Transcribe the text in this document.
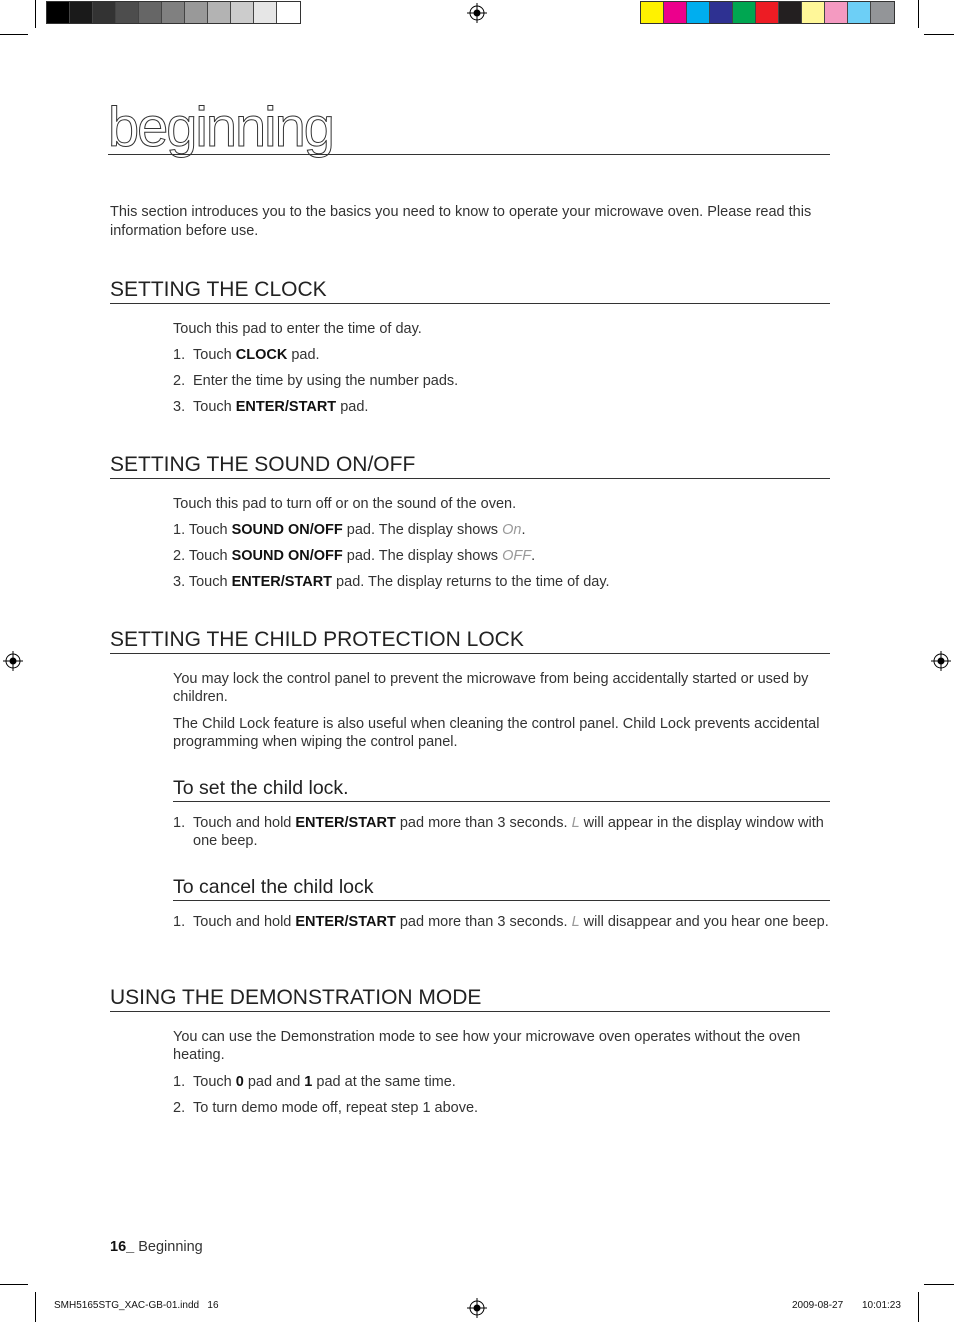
beginning
This section introduces you to the basics you need to know to operate your microwave oven. Please read this information before use.
SETTING THE CLOCK
Touch this pad to enter the time of day.
1. Touch CLOCK pad.
2. Enter the time by using the number pads.
3. Touch ENTER/START pad.
SETTING THE SOUND ON/OFF
Touch this pad to turn off or on the sound of the oven.
1. Touch SOUND ON/OFF pad. The display shows On.
2. Touch SOUND ON/OFF pad. The display shows OFF.
3. Touch ENTER/START pad. The display returns to the time of day.
SETTING THE CHILD PROTECTION LOCK
You may lock the control panel to prevent the microwave from being accidentally started or used by children.
The Child Lock feature is also useful when cleaning the control panel. Child Lock prevents accidental programming when wiping the control panel.
To set the child lock.
1. Touch and hold ENTER/START pad more than 3 seconds. L will appear in the display window with one beep.
To cancel the child lock
1. Touch and hold ENTER/START pad more than 3 seconds. L will disappear and you hear one beep.
USING THE DEMONSTRATION MODE
You can use the Demonstration mode to see how your microwave oven operates without the oven heating.
1. Touch 0 pad and 1 pad at the same time.
2. To turn demo mode off, repeat step 1 above.
16_ Beginning
SMH5165STG_XAC-GB-01.indd   16	2009-08-27 10:01:23
